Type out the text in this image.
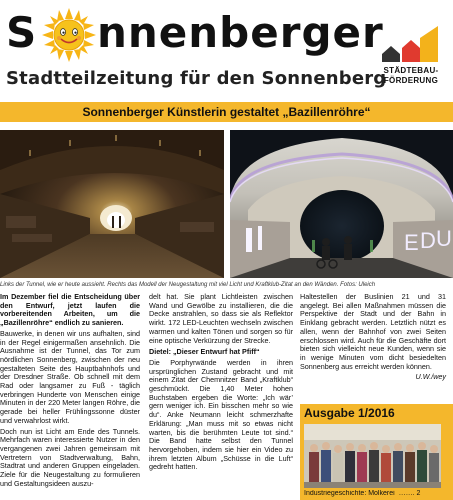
S nnenberger
Stadtteilzeitung für den Sonnenberg
STÄDTEBAU-
FÖRDERUNG
Sonnenberger Künstlerin gestaltet „Bazillenröhre“
E D U
Links der Tunnel, wie er heute aussieht. Rechts das Modell der Neugestaltung mit viel Licht und Kraftklub-Zitat an den Wänden. Fotos: Uleich

Im Dezember fiel die Entscheidung über den Entwurf, jetzt laufen die vorbereitenden Arbeiten, um die „Bazillenröhre“ endlich zu sanieren.

Bauwerke, in denen wir uns aufhalten, sind in der Regel einigermaßen ansehnlich. Die Ausnahme ist der Tunnel, das Tor zum nördlichen Sonnenberg, zwischen der neu gestalteten Seite des Hauptbahnhofs und der Dresdner Straße. Ob schnell mit dem Rad oder langsamer zu Fuß - täglich verbringen Hunderte von Menschen einige Minuten in der 220 Meter langen Röhre, die gerade bei heller Frühlingssonne düster und verwahrlost wirkt.

Doch nun ist Licht am Ende des Tunnels. Mehrfach waren interessierte Nutzer in den vergangenen zwei Jahren gemeinsam mit Vertretern von Stadtverwaltung, Bahn, Stadtrat und anderen Gruppen eingeladen. Ziele für die Neugestaltung zu formulieren und Gestaltungsideen auszu-

delt hat. Sie plant Lichtleisten zwischen Wand und Gewölbe zu installieren, die die Decke anstrahlen, so dass sie als Reflektor wirkt. 172 LED-Leuchten wechseln zwischen warmen und kalten Tönen und sorgen so für eine optische Verkürzung der Strecke.

Dietel: „Dieser Entwurf hat Pfiff“

Die Porphyrwände werden in ihren ursprünglichen Zustand gebracht und mit einem Zitat der Chemnitzer Band „Kraftklub“ geschmückt. Die 1,40 Meter hohen Buchstaben ergeben die Worte: „Ich wär’ gern weniger ich. Ein bisschen mehr so wie du“. Anke Neumann leicht schmerzhafte Erklärung: „Man muss mit so etwas nicht warten, bis die berühmten Leute tot sind.“ Die Band hatte selbst den Tunnel hervorgehoben, indem sie hier ein Video zu ihrem letzten Album „Schüsse in die Luft“ gedreht hatten.

Haltestellen der Buslinien 21 und 31 angelegt. Bei allen Maßnahmen müssen die Perspektive der Stadt und der Bahn in Einklang gebracht werden. Letztlich nützt es allen, wenn der Bahnhof von zwei Seiten erschlossen wird. Auch für die Geschäfte dort bieten sich vielleicht neue Kunden, wenn sie in wenige Minuten vom dicht besiedelten Sonnenberg aus erreicht werden können.

U.W./wey

Ausgabe 1/2016
Industriegeschichte: Molkerei ……. 2
